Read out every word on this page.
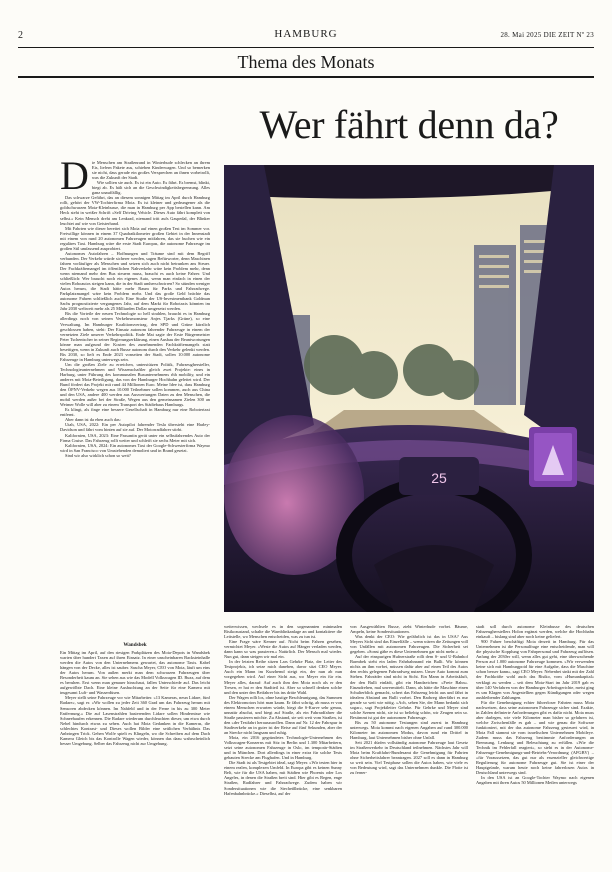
2	HAMBURG	28. Mai 2025 DIE ZEIT Nº 23
Thema des Monats
Wer fährt denn da?
D ie Menschen am Straßenrand in Winterhude schlecken an ihrem Eis, liefern Pakete aus, schieben Kinderwagen. Und so bemerken sie nicht, dass gerade ein großes Versprechen an ihnen vorbeirollt, was die Zukunft der Stadt.

Wie sollten sie auch. Es ist ein Auto. Es fährt. Es bremst, blinkt, biegt ab. Es hält sich an die Geschwindigkeitsbegrenzung. Alles ganz unauffällig.

Das schwarze Gefährt, das an diesem sonnigen Mittag im April durch Hamburg rollt, gehört der VW-Tochterfirma Moia. Es ist kleiner und gedrungener als die goldschwarzen Moia-Kleinbusse, die man in Hamburg per App bestellen kann. Am Heck steht in weißer Schrift »Self Driving Vehicle. Dieses Auto fährt komplett von selbst.« Kein Mensch dreht am Lenkrad, niemand tritt aufs Gaspedal, der Blinker leuchtet auf wie von Geisterhand.

Mit Fahrten wie dieser bereitet sich Moia auf einen großen Test im Sommer vor. Freiwillige können in einem 37 Quadratkilometer großen Gebiet in der Innenstadt mit einem von rund 20 autonomen Fahrzeugen mitfahren, das sie buchen wie ein reguläres Taxi. Hamburg wäre die erste Stadt Europas, die autonome Fahrzeuge im großen Stil umfassend ausprobiert.

Autonomes Autofahren – Hoffnungen und Träume sind mit dem Begriff verbunden. Der Verkehr würde sicherer werden, sagen Befürworter, denn Maschinen fahren vorläufiger als Menschen und setzen sich auch nicht betrunken ans Steuer. Der Fachkräftemangel im öffentlichen Nahverkehr wäre kein Problem mehr, denn wenn niemand mehr den Bus steuern muss, braucht es auch keine Fahrer. Und schließlich: Wer braucht noch ein eigenes Auto, wenn man einfach in einen der vielen Roboautos steigen kann, die in der Stadt umherschwirren? So stünden weniger Autos herum, die Stadt hätte mehr Raum für Parks und Fahrradwege. Parkplatzmangel wäre kein Problem mehr. Und das große Geld brächte das autonome Fahren schließlich auch: Eine Studie der US-Investmentbank Goldman Sachs prognostizierte vergangenes Jahr, auf dem Markt für Robotaxis könnten im Jahr 2030 weltweit mehr als 25 Milliarden Dollar umgesetzt werden.

Bis die Vorteile der neuen Technologie so hell strahlen, braucht es in Hamburg allerdings noch von seinen Verkehrsmonsteur Anjes Tjarks (Grüne), so eine Verwaltung. Im Hamburger Koalitionsvertrag, den SPD und Grüne kürzlich geschlossen haben, steht: Der Einsatz autonom fahrender Fahrzeuge in einem der vernetzten Ziele unserer Verkehrspolitik. Ende Mai sagte der Erste Bürgermeister Peter Tschentscher in seiner Regierungserklärung, einen Ausbau der Beantwortungen könne man aufgrund der Kosten des zunehmenden Fachkräftemangels statt beseitigen, wenn in Zukunft auch Busse autonom durch den Verkehr gelenkt werden. Bis 2030, so lieft es Ende 2023 vonseiten der Stadt, sollen 10.000 autonome Fahrzeuge in Hamburg unterwegs sein.

Um die großen Ziele zu erreichen, unterstützen Politik, Fahrzeughersteller, Technologieunternehmen und Wissenschaftler gleich zwei Projekte: eines in Harburg, unter Führung des kommunalen Busunternehmens rhh mobility, und ein anderes mit Moia-Beteiligung, das von der Hamburger Hochbahn geleitet wird. Der Bund fördert das Projekt mit rund 44 Millionen Euro. Meine Idee ist, dass Hamburg den ÖPNV-Verkehr wegen aus 10.000 Teilnehmer sollen kommen, auch aus China und den USA, andere 400 werden aus Auswertungen Daten zu den Menschen, die mobil werden außer bei der Straße, Wegen aus den gemeinsamen Zielen 300 an Weimer Wolle will aber zu einem Transport des Städtebaus Hamburgs.

Es klingt, als finge eine bessere Gesellschaft in Hamburg nur eine Robotertaxi entfernt.

Aber dann ist da eben auch das:

Utah, USA, 2022: Ein per Autopilot fahrender Tesla übersieht eine Harley-Davidson und fährt vom hinten auf sie auf. Der Motorradfahrer stirbt.

Kalifornien, USA, 2023: Eine Passantin gerät unter ein selbstfahrendes Auto der Firma Cruise. Das Fahrzeug rollt weiter und schleift sie sechs Meter mit sich.

Kalifornien, USA, 2024: Ein autonomes Taxi der Google-Schwesterfirma Waymo wird in San Francisco von Umstehenden demoliert und in Brand gesetzt.

Sind wir also wirklich schon so weit?

Wandsbek

Ein Mittag im April, auf den riesigen Parkplätzen des Moia-Depots in Wandsbek warten über hundert Taxen auf ihren Einsatz. In einer unscheinbaren Backsteinhalle werden die Autos von den Unternehmens gewartet, das autonome Taxis. Kabel hängen von der Decke, alles ist sauber. Sascha Meyer, CEO von Moia, läuft um eins der Autos herum. Von außen merkt man dem schwarzen Fahrzeugen über Besonderheit kaum an. Sie sehen aus wie das Modell Volkswagen ID. Buzz, auf dem es beruhen. Erst wenn man genauer hinschaut, fallen Unterschiede auf. Das leicht aufgewölbte Dach. Eine kleine Ausbuchtung an der Seite für eine Kamera mit insgesamt Luft- und Wasserdüsen.

Meyer stellt seine Fahrzeuge vor wie Mitarbeiter. »13 Kameras, neun Lidare, fünf Radare«, sagt er. »Wir wollen zu jeder Zeit 360 Grad um das Fahrzeug herum mit Sensoren abdecken können. Im Nahfeld und in der Ferne in bis zu 300 Meter Entfernung.« Die auf Lasenstrahlen basierenden Lidare sollen Hindernisse wie Schneehaufen erkennen. Die Radare wiederum durchleuchten dieser, um etwa durch Nebel hindurch etwas zu sehen. Auch hat Moia Gedanken in die Kameras, die schlechtes Kontrast- und Dieses wollen Bilder eine seitlichen Verhältnis Das Anbringen Trick. Gehen Wolfe spielt es Klingeln, wo die Schreiben auf dem Dach Kamera Gleich bis das Kontrolle Wagen wieder, können das dazu wahrscheinlich besser Umgebung. Selber das Fahrzeug nicht zur Umgehung.

25

weiterwissen, wechsele es in den sogenannten minimalen Risikozustand, schalte die Warnblinkanlage an und kontaktiere die Leitstelle, wo Menschen entscheiden, was zu tun ist.

Eine Frage wäre Kenner auf. Nicht beim Fahren gesehen, vermichtet Meyer. »Weste die Autos auf Hänger verladen werden, dann kann so was passieren.« Natürlich. Der Mensch mal wieder. Nun gut, dann steigen wir mal ein.

In der letzten Reihe sitzen Lars Gehrke Platz, der Leiter des Testprojekts, ich setze mich daneben, davor sitzt CEO Meyer. Auch ein Mann im Kurzhemd steigt ein, der nun ab nun vorgegeben wird. Auf einer Sicht aus, wo Meyer ein für ein. Meyer alles, darauf: Auf auch ihm den Moia noch als er den Tresen, er hat er den Stadtteil ist. Aber so schnell denken solche und den unter den Beifahrer bis ins dritte Wahl.

Der Wagen rollt los, ohne hastige Beschleunigung, das Summen des Elektromotors hört man kaum. Er fährt schräg, ab muss er von einem Menschen erwarten würde, biegt die S-Kurve sehr genau, unnatür absolut, und biegt auf Straße, als ein Fahrradfahrer die Straße passieren möchte. Zu Abstand, sie seit weit vom Straßen, ist den »der Testfahrt herauszurollen. Dann auf Nr. 12 der Fahrspur in Stadtverkehr an in guter ist der Reise auf fünf Sekunden, aber der an Strecke nicht langsam und ruhig.

Moia, ein 2016 gegründetes Technologie-Unternehmen des Volkswagen-Konzerns mit Sitz in Berlin und 1.300 Mitarbeitern, setzt seine autonomen Fahrzeuge in Oslo, im temporär-Städten und in München. Dort allerdings in einer extra für solche Tests gebauten Strecke am Flughafen. Und in Hamburg.

Die Stadt ist als Testgebiet ideal, sagt Meyer. »Wir testen hier in einem realen, komplexen Umfeld. In Europa gibt es keinen Sunny Belt, wie für die USA haben, mit Städten wie Phoenix oder Los Angeles, in denen die Straßen breit sind. Hier gibt es Regen, enge Straßen, Radfahrer und Fahrradwege. Zudem haben wir Sondersituationen wie die Stecheißbrücke, eine senkbaren Hafenbahnbrücke.« Dieselbst, auf der

von Ausgewählten Busse, zieht Winterhude vorbei. Bäume, Ampeln, keine Sondersituationen.

Was denkt der CEO: Wie gefährlich ist das in USA? Aus Meyers Sicht sind das Einzelfälle – wenn wären die Zeitungen voll von Unfällen mit autonomen Fahrzeugen. Die Sicherheit sei gegeben. »Sonst gäbe es diese Unternehmen gar nicht mehr.«

Auf der einspurigen Hufnerstraße rollt dem S- und U-Bahnhof Barmbek steht ein laden Fahrbahnrand ein Bulli. Wir können nichts an ihm vorbei, müssen dafür aber auf einen Teil des Autos den rechts gelegenen Fahrradweg nutzen. Unser Auto kommt zum Stehen. Fahrräder sind nicht in Sicht. Ein Mann in Arbeitskluft, der den Bulli einlädt, gibt ein Handzeichen: »Freie Bahn«. Einzudrehen, mal unvermittelt. Dann, als hätte die Maschine einen Schulterblick gemacht, schert das Fahrzeug leicht aus und fährt in idealem Abstand am Bulli vorbei. Den Radweg überfährt es nur gerade so weit wie nötig. »Ach, sehen Sie, der Mann bedankt sich sogar«, sagt Projektleiter Gehrke. Für Gehrke und Meyer sind solche Szenen nicht, sie ist so beliebig schön, wir Zeugen sein so. Bestimmt ist gut der autonomen Fahrzeuge.

Bis zu 50 autonome Testungen sind zuerst in Hamburg unterwegs. Moia kommt nach eigenen Angaben auf rund 300.000 Kilometer im autonomen Modus, davon rund ein Drittel in Hamburg, laut Unternehmen bisher ohne Unfall.

Seit 2021 dürfen vollständig autonome Fahrzeuge laut Gesetz im Straßenverkehr in Deutschland teilnehmen. Nächstes Jahr will Moia beim Kraftfahrt-Bundesamt die Genehmigung für Fahrten ohne Sicherheitsfahrer beantragen. 2027 soll es dann in Hamburg so weit sein. Viel Testphase sollen die Autos haben, wie viele es von Bedeutung wird, sagt das Unternehmen dunkle. Die Flotte ist zu ferner-

stadt soll durch autonome Kleinbusse des deutschen Fahrzeugherstellers Holon ergänzt werden, welche die Hochbahn einkauft – bislang sind aber noch keine geliefert.

900 Fahrer beschäftigt Moia derzeit in Hamburg. Für das Unternehmen ist die Personalfrage eine entscheidende, man will die physische Kopplung von Fahrpersonal und Fahrzeug auflösen. Anfang der 2030er will, wenn alles gut geht, eine überwachende Person auf 1.000 autonome Fahrzeuge kommen. »Wir verwenden keine sich mit Hamburgpoid für eine Aufgabe, dass die Maschine schon besser kann«, sagt CEO Meyer. Nebenbei sinkt mit der Zahl der Fachkräfte wohl auch das Risiko, vom »Humankapital« verklagt zu werden – seit dem Moia-Start im Jahr 2019 gab es über 140 Verfahren von der Hamburger Arbeitsgerichte, meist ging es um Klagen von Angestellten gegen Kündigungen oder wegen ausbleibender Zahlungen.

Für die Genehmigung echter führerloser Fahrten muss Moia nachweisen, dass seine autonomen Fahrzeuge sicher sind. Exakte, in Zahlen definierte Anforderungen gibt es dafür nicht. Moia muss aber darlegen, wie viele Kilometer man bisher so gefahren ist, welche Zwischenfälle es gab – und wie genau die Software funktioniert, mit der das autonome Fahrzeug gesteuert wird, in Moia Fall stammt sie vom israelischen Unternehmen Mobileye. Zudem muss das Fahrzeug bestimmte Anforderungen an Bremsung, Lenkung und Beleuchtung zu erfüllen. »Wie die Technik im Fehlerfall reagiert«, so steht es in der Autonome-Fahrzeuge-Genehmigungs-und-Betriebs-Verordnung (AFGBV) – »für Voraussetzen, das gut nur als essenzieller gleichwertige Regulierung für autonome Fahrzeuge gut. Sie ist einer der Hauptgründe, warum heute noch keine fahrerlosen Autos in Deutschland unterwegs sind.

In den USA ist an Google-Tochter Waymo nach eigenen Angaben mit ihren Autos 50 Millionen Meilen unterwegs
